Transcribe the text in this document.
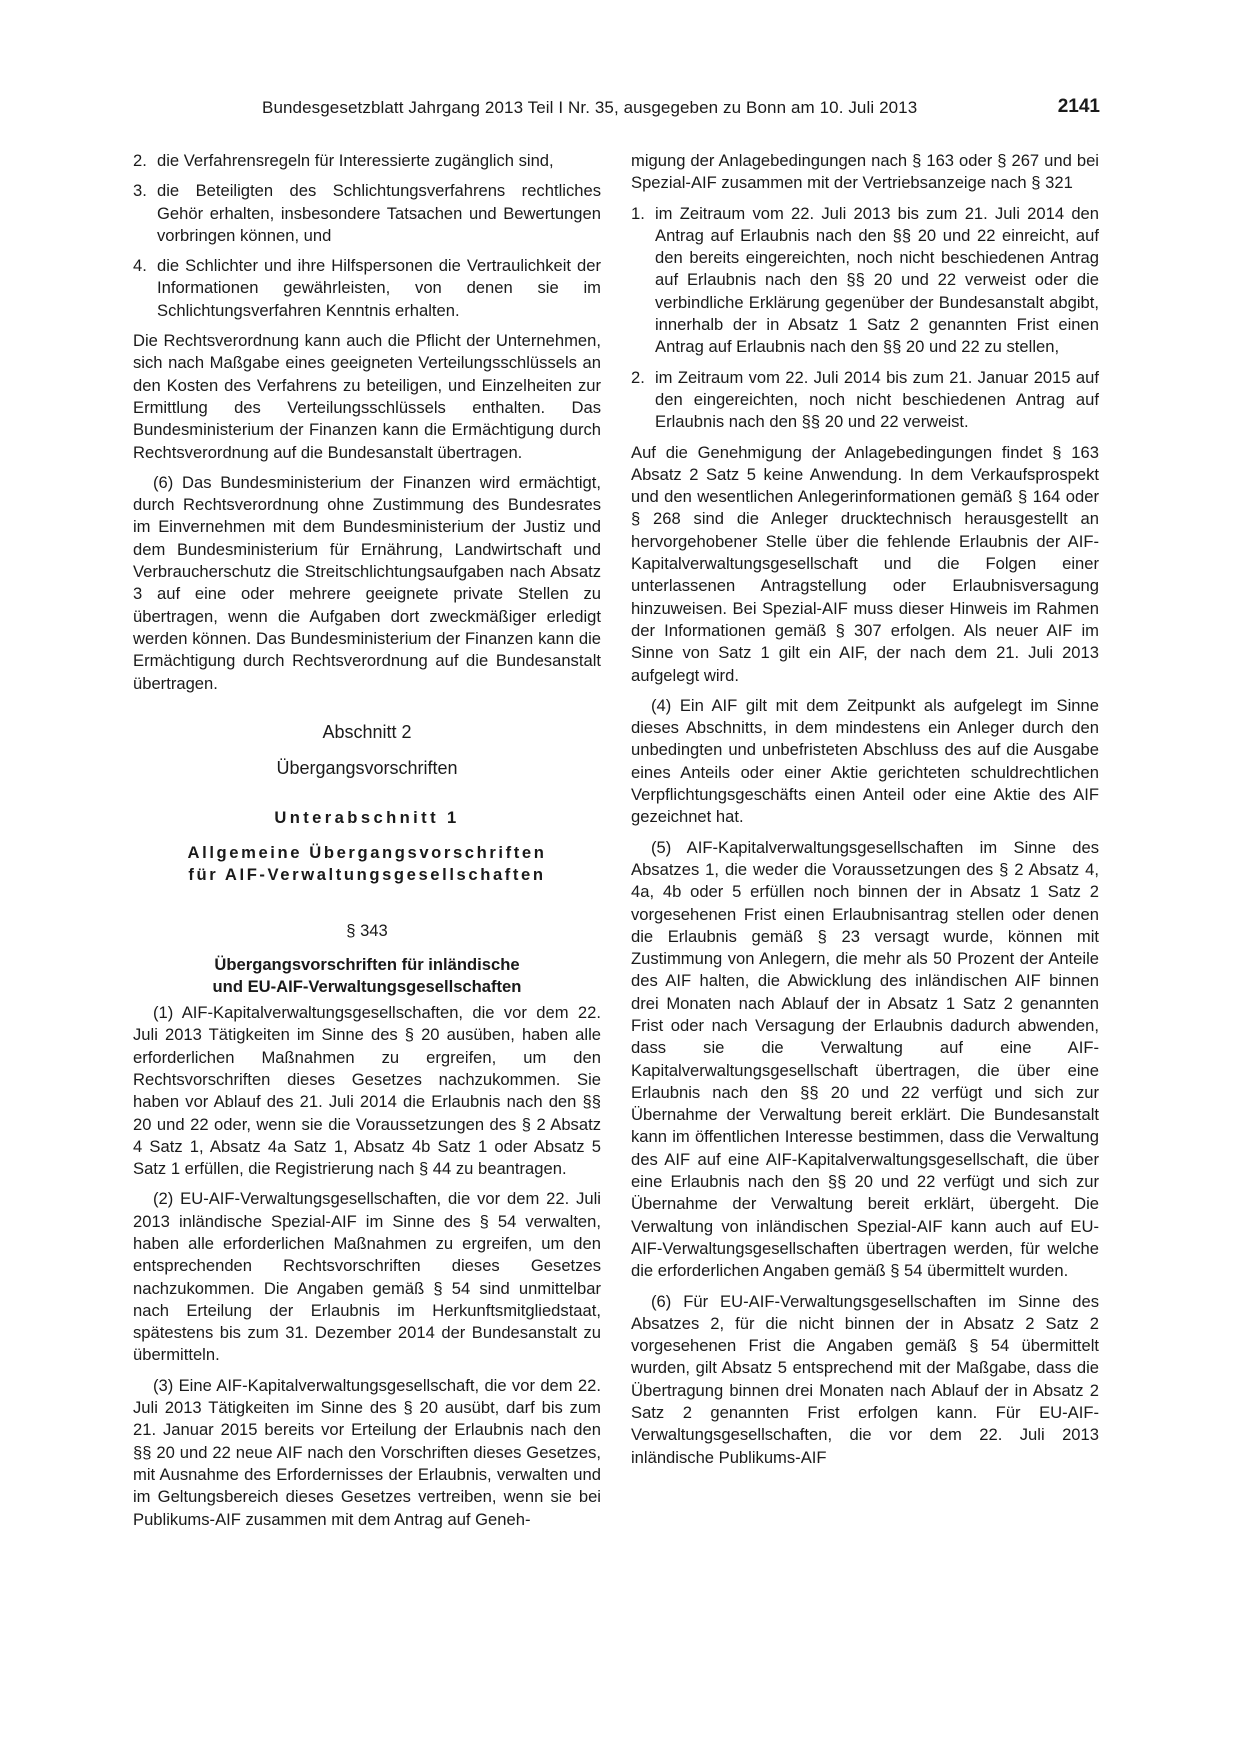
Bundesgesetzblatt Jahrgang 2013 Teil I Nr. 35, ausgegeben zu Bonn am 10. Juli 2013	2141
2. die Verfahrensregeln für Interessierte zugänglich sind,
3. die Beteiligten des Schlichtungsverfahrens rechtliches Gehör erhalten, insbesondere Tatsachen und Bewertungen vorbringen können, und
4. die Schlichter und ihre Hilfspersonen die Vertraulichkeit der Informationen gewährleisten, von denen sie im Schlichtungsverfahren Kenntnis erhalten.

Die Rechtsverordnung kann auch die Pflicht der Unternehmen, sich nach Maßgabe eines geeigneten Verteilungsschlüssels an den Kosten des Verfahrens zu beteiligen, und Einzelheiten zur Ermittlung des Verteilungsschlüssels enthalten. Das Bundesministerium der Finanzen kann die Ermächtigung durch Rechtsverordnung auf die Bundesanstalt übertragen.

(6) Das Bundesministerium der Finanzen wird ermächtigt, durch Rechtsverordnung ohne Zustimmung des Bundesrates im Einvernehmen mit dem Bundesministerium der Justiz und dem Bundesministerium für Ernährung, Landwirtschaft und Verbraucherschutz die Streitschlichtungsaufgaben nach Absatz 3 auf eine oder mehrere geeignete private Stellen zu übertragen, wenn die Aufgaben dort zweckmäßiger erledigt werden können. Das Bundesministerium der Finanzen kann die Ermächtigung durch Rechtsverordnung auf die Bundesanstalt übertragen.

Abschnitt 2
Übergangsvorschriften
Unterabschnitt 1
Allgemeine Übergangsvorschriften
für AIF-Verwaltungsgesellschaften
§ 343
Übergangsvorschriften für inländische
und EU-AIF-Verwaltungsgesellschaften

(1) AIF-Kapitalverwaltungsgesellschaften, die vor dem 22. Juli 2013 Tätigkeiten im Sinne des § 20 ausüben, haben alle erforderlichen Maßnahmen zu ergreifen, um den Rechtsvorschriften dieses Gesetzes nachzukommen. Sie haben vor Ablauf des 21. Juli 2014 die Erlaubnis nach den §§ 20 und 22 oder, wenn sie die Voraussetzungen des § 2 Absatz 4 Satz 1, Absatz 4a Satz 1, Absatz 4b Satz 1 oder Absatz 5 Satz 1 erfüllen, die Registrierung nach § 44 zu beantragen.

(2) EU-AIF-Verwaltungsgesellschaften, die vor dem 22. Juli 2013 inländische Spezial-AIF im Sinne des § 54 verwalten, haben alle erforderlichen Maßnahmen zu ergreifen, um den entsprechenden Rechtsvorschriften dieses Gesetzes nachzukommen. Die Angaben gemäß § 54 sind unmittelbar nach Erteilung der Erlaubnis im Herkunftsmitgliedstaat, spätestens bis zum 31. Dezember 2014 der Bundesanstalt zu übermitteln.

(3) Eine AIF-Kapitalverwaltungsgesellschaft, die vor dem 22. Juli 2013 Tätigkeiten im Sinne des § 20 ausübt, darf bis zum 21. Januar 2015 bereits vor Erteilung der Erlaubnis nach den §§ 20 und 22 neue AIF nach den Vorschriften dieses Gesetzes, mit Ausnahme des Erfordernisses der Erlaubnis, verwalten und im Geltungsbereich dieses Gesetzes vertreiben, wenn sie bei Publikums-AIF zusammen mit dem Antrag auf Geneh-

migung der Anlagebedingungen nach § 163 oder § 267 und bei Spezial-AIF zusammen mit der Vertriebsanzeige nach § 321

1. im Zeitraum vom 22. Juli 2013 bis zum 21. Juli 2014 den Antrag auf Erlaubnis nach den §§ 20 und 22 einreicht, auf den bereits eingereichten, noch nicht beschiedenen Antrag auf Erlaubnis nach den §§ 20 und 22 verweist oder die verbindliche Erklärung gegenüber der Bundesanstalt abgibt, innerhalb der in Absatz 1 Satz 2 genannten Frist einen Antrag auf Erlaubnis nach den §§ 20 und 22 zu stellen,
2. im Zeitraum vom 22. Juli 2014 bis zum 21. Januar 2015 auf den eingereichten, noch nicht beschiedenen Antrag auf Erlaubnis nach den §§ 20 und 22 verweist.

Auf die Genehmigung der Anlagebedingungen findet § 163 Absatz 2 Satz 5 keine Anwendung. In dem Verkaufsprospekt und den wesentlichen Anlegerinformationen gemäß § 164 oder § 268 sind die Anleger drucktechnisch herausgestellt an hervorgehobener Stelle über die fehlende Erlaubnis der AIF-Kapitalverwaltungsgesellschaft und die Folgen einer unterlassenen Antragstellung oder Erlaubnisversagung hinzuweisen. Bei Spezial-AIF muss dieser Hinweis im Rahmen der Informationen gemäß § 307 erfolgen. Als neuer AIF im Sinne von Satz 1 gilt ein AIF, der nach dem 21. Juli 2013 aufgelegt wird.

(4) Ein AIF gilt mit dem Zeitpunkt als aufgelegt im Sinne dieses Abschnitts, in dem mindestens ein Anleger durch den unbedingten und unbefristeten Abschluss des auf die Ausgabe eines Anteils oder einer Aktie gerichteten schuldrechtlichen Verpflichtungsgeschäfts einen Anteil oder eine Aktie des AIF gezeichnet hat.

(5) AIF-Kapitalverwaltungsgesellschaften im Sinne des Absatzes 1, die weder die Voraussetzungen des § 2 Absatz 4, 4a, 4b oder 5 erfüllen noch binnen der in Absatz 1 Satz 2 vorgesehenen Frist einen Erlaubnisantrag stellen oder denen die Erlaubnis gemäß § 23 versagt wurde, können mit Zustimmung von Anlegern, die mehr als 50 Prozent der Anteile des AIF halten, die Abwicklung des inländischen AIF binnen drei Monaten nach Ablauf der in Absatz 1 Satz 2 genannten Frist oder nach Versagung der Erlaubnis dadurch abwenden, dass sie die Verwaltung auf eine AIF-Kapitalverwaltungsgesellschaft übertragen, die über eine Erlaubnis nach den §§ 20 und 22 verfügt und sich zur Übernahme der Verwaltung bereit erklärt. Die Bundesanstalt kann im öffentlichen Interesse bestimmen, dass die Verwaltung des AIF auf eine AIF-Kapitalverwaltungsgesellschaft, die über eine Erlaubnis nach den §§ 20 und 22 verfügt und sich zur Übernahme der Verwaltung bereit erklärt, übergeht. Die Verwaltung von inländischen Spezial-AIF kann auch auf EU-AIF-Verwaltungsgesellschaften übertragen werden, für welche die erforderlichen Angaben gemäß § 54 übermittelt wurden.

(6) Für EU-AIF-Verwaltungsgesellschaften im Sinne des Absatzes 2, für die nicht binnen der in Absatz 2 Satz 2 vorgesehenen Frist die Angaben gemäß § 54 übermittelt wurden, gilt Absatz 5 entsprechend mit der Maßgabe, dass die Übertragung binnen drei Monaten nach Ablauf der in Absatz 2 Satz 2 genannten Frist erfolgen kann. Für EU-AIF-Verwaltungsgesellschaften, die vor dem 22. Juli 2013 inländische Publikums-AIF
